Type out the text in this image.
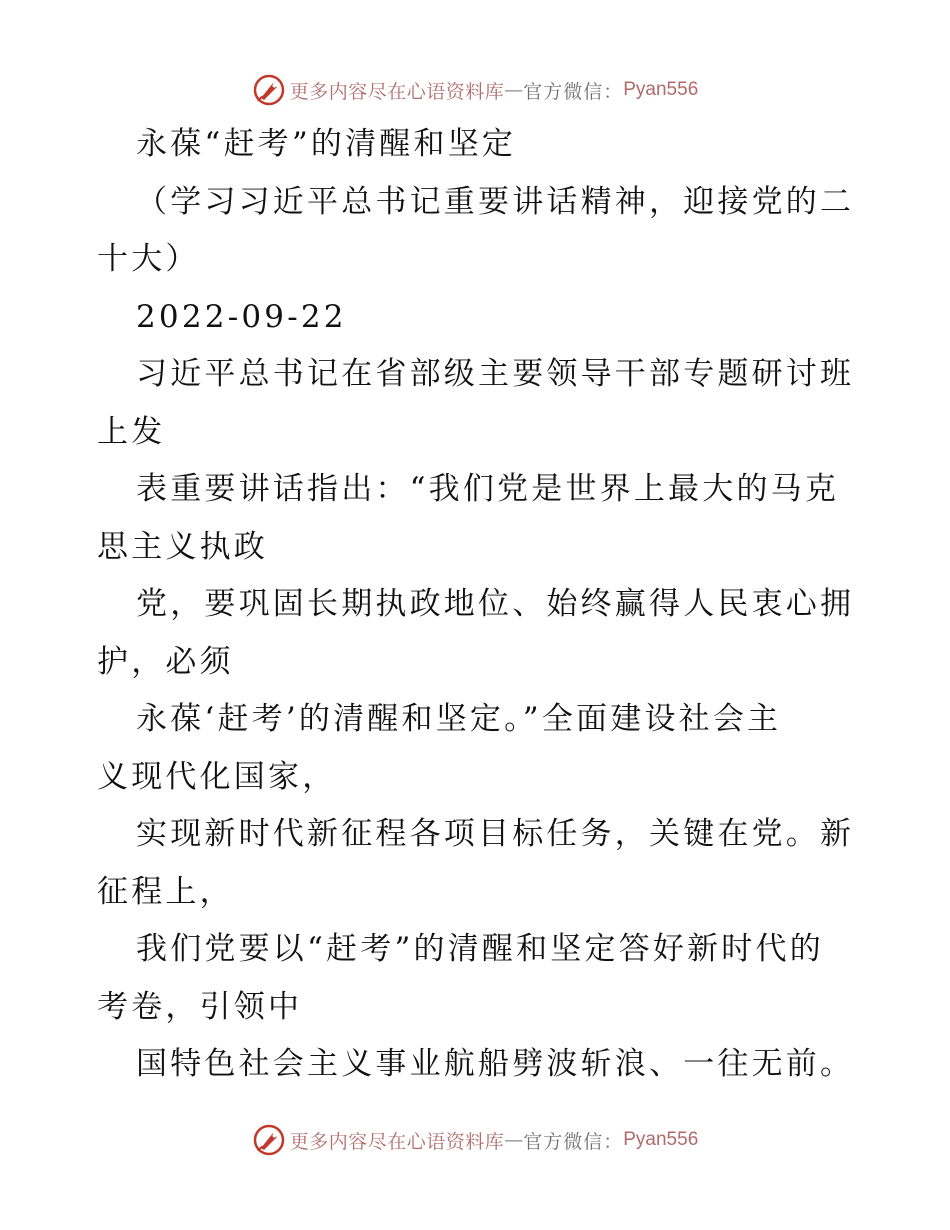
更多内容尽在心语资料库 — 官方微信： Pyan556
永葆“赶考”的清醒和坚定
（学习习近平总书记重要讲话精神，迎接党的二
十大）
2022-09-22
习近平总书记在省部级主要领导干部专题研讨班
上发
表重要讲话指出：“我们党是世界上最大的马克
思主义执政
党，要巩固长期执政地位、始终赢得人民衷心拥
护，必须
永葆‘赶考’的清醒和坚定。”全面建设社会主
义现代化国家，
实现新时代新征程各项目标任务，关键在党。新
征程上，
我们党要以“赶考”的清醒和坚定答好新时代的
考卷，引领中
国特色社会主义事业航船劈波斩浪、一往无前。
更多内容尽在心语资料库 — 官方微信： Pyan556
